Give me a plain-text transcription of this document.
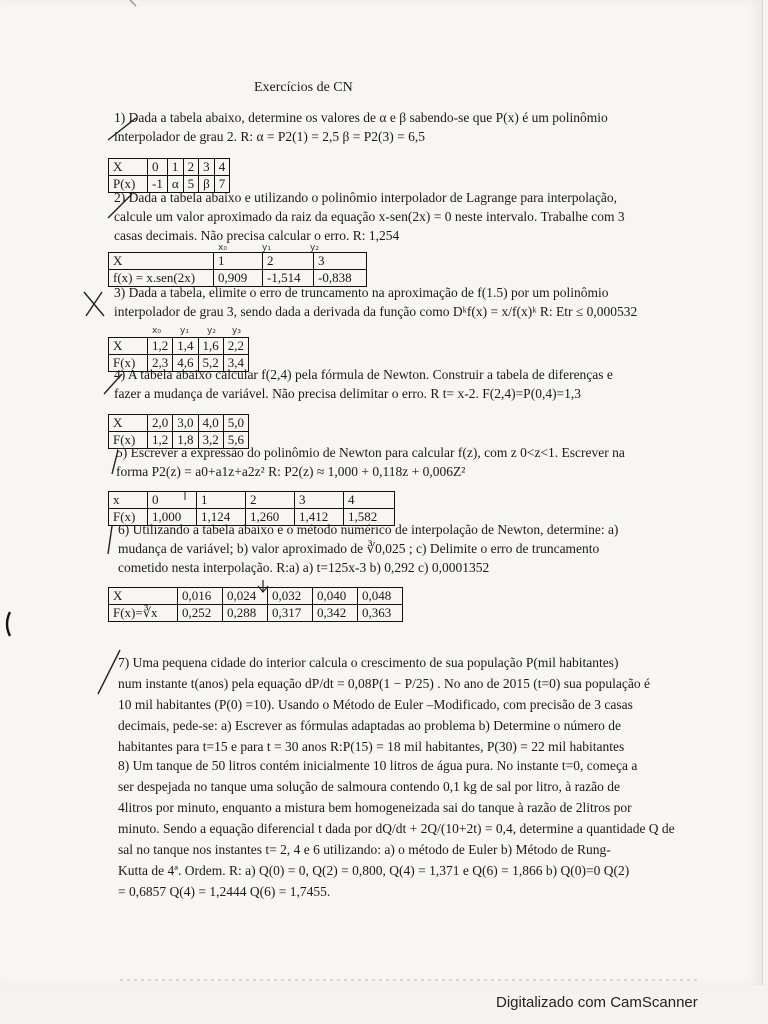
Exercícios de CN
1) Dada a tabela abaixo, determine os valores de α e β sabendo-se que P(x) é um polinômio
interpolador de grau 2. R: α = P2(1) = 2,5 β = P2(3) = 6,5
X	0	1	2	3	4
P(x)	-1	α	5	β	7
2) Dada a tabela abaixo e utilizando o polinômio interpolador de Lagrange para interpolação,
calcule um valor aproximado da raiz da equação x-sen(2x) = 0 neste intervalo. Trabalhe com 3
casas decimais. Não precisa calcular o erro. R: 1,254
x₀	y₁	y₂
X	1	2	3
f(x) = x.sen(2x)	0,909	-1,514	-0,838
3) Dada a tabela, elimite o erro de truncamento na aproximação de f(1.5) por um polinômio
interpolador de grau 3, sendo dada a derivada da função como Dᵏf(x) = x/f(x)ᵏ R: Etr ≤ 0,000532
x₀ y₁ y₂ y₃
X	1,2	1,4	1,6	2,2
F(x)	2,3	4,6	5,2	3,4
4) A tabela abaixo calcular f(2,4) pela fórmula de Newton. Construir a tabela de diferenças e
fazer a mudança de variável. Não precisa delimitar o erro. R t= x-2. F(2,4)=P(0,4)=1,3
X	2,0	3,0	4,0	5,0
F(x)	1,2	1,8	3,2	5,6
5) Escrever a expressão do polinômio de Newton para calcular f(z), com z 0<z<1. Escrever na
forma P2(z) = a0+a1z+a2z² R: P2(z) ≈ 1,000 + 0,118z + 0,006Z²
x	0	1	2	3	4
F(x)	1,000	1,124	1,260	1,412	1,582
6) Utilizando a tabela abaixo e o método numérico de interpolação de Newton, determine: a)
mudança de variável; b) valor aproximado de ∛0,025 ; c) Delimite o erro de truncamento
cometido nesta interpolação. R:a) a) t=125x-3 b) 0,292 c) 0,0001352
X	0,016	0,024	0,032	0,040	0,048
F(x)=∛x	0,252	0,288	0,317	0,342	0,363
7) Uma pequena cidade do interior calcula o crescimento de sua população P(mil habitantes)
num instante t(anos) pela equação dP/dt = 0,08P(1 − P/25) . No ano de 2015 (t=0) sua população é
10 mil habitantes (P(0) =10). Usando o Método de Euler –Modificado, com precisão de 3 casas
decimais, pede-se: a) Escrever as fórmulas adaptadas ao problema b) Determine o número de
habitantes para t=15 e para t = 30 anos R:P(15) = 18 mil habitantes, P(30) = 22 mil habitantes
8) Um tanque de 50 litros contém inicialmente 10 litros de água pura. No instante t=0, começa a
ser despejada no tanque uma solução de salmoura contendo 0,1 kg de sal por litro, à razão de
4litros por minuto, enquanto a mistura bem homogeneizada sai do tanque à razão de 2litros por
minuto. Sendo a equação diferencial t dada por dQ/dt + 2Q/(10+2t) = 0,4, determine a quantidade Q de
sal no tanque nos instantes t= 2, 4 e 6 utilizando: a) o método de Euler b) Método de Rung-
Kutta de 4ª. Ordem. R: a) Q(0) = 0, Q(2) = 0,800, Q(4) = 1,371 e Q(6) = 1,866 b) Q(0)=0 Q(2)
= 0,6857 Q(4) = 1,2444 Q(6) = 1,7455.
Digitalizado com CamScanner
